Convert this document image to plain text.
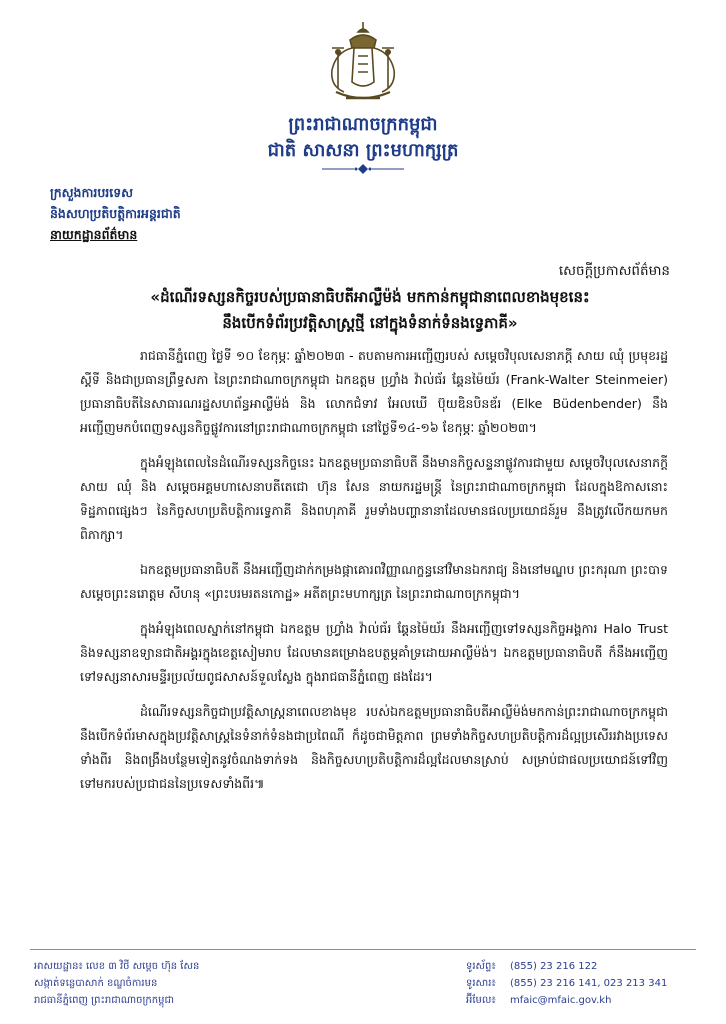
ព្រះរាជាណាចក្រកម្ពុជា
ជាតិ សាសនា ព្រះមហាក្សត្រ
ក្រសួងការបរទេស
និងសហប្រតិបត្តិការអន្តរជាតិ
នាយកដ្ឋានព័ត៌មាន
សេចក្តីប្រកាសព័ត៌មាន
«ដំណើរទស្សនកិច្ចរបស់ប្រធានាធិបតីអាល្លឺម៉ង់ មកកាន់កម្ពុជានាពេលខាងមុខនេះ
នឹងបើកទំព័រប្រវត្តិសាស្ត្រថ្មី នៅក្នុងទំនាក់ទំនងទ្វេភាគី»

រាជធានីភ្នំពេញ ថ្ងៃទី ១០ ខែកុម្ភៈ ឆ្នាំ២០២៣ - តបតាមការអញ្ជើញរបស់ សម្តេចវិបុលសេនាភក្តី សាយ ឈុំ ប្រមុខរដ្ឋស្តីទី និងជាប្រធានព្រឹទ្ធសភា នៃព្រះរាជាណាចក្រកម្ពុជា ឯកឧត្តម ហ្វ្រាំង វ៉ាល់ធ័រ ឆ្តែនម៉ៃយ័រ (Frank-Walter Steinmeier) ប្រធានាធិបតីនៃសាធារណរដ្ឋសហព័ន្ធអាល្លឺម៉ង់ និង លោកជំទាវ អែលឃើ ប៊ុយឌិនបិនឌ័រ (Elke Büdenbender) នឹងអញ្ជើញមកបំពេញទស្សនកិច្ចផ្លូវការនៅព្រះរាជាណាចក្រកម្ពុជា នៅថ្ងៃទី១៤-១៦ ខែកុម្ភៈ ឆ្នាំ២០២៣។

ក្នុងអំឡុងពេលនៃដំណើរទស្សនកិច្ចនេះ ឯកឧត្តមប្រធានាធិបតី នឹងមានកិច្ចសន្ទនាផ្លូវការជាមួយ សម្តេចវិបុលសេនាភក្តី សាយ ឈុំ និង សម្តេចអគ្គមហាសេនាបតីតេជោ ហ៊ុន សែន នាយករដ្ឋមន្ត្រី នៃព្រះរាជាណាចក្រកម្ពុជា ដែលក្នុងឱកាសនោះ ទិដ្ឋភាពផ្សេងៗ នៃកិច្ចសហប្រតិបត្តិការទ្វេភាគី និងពហុភាគី រួមទាំងបញ្ហានានាដែលមានផលប្រយោជន៍រួម នឹងត្រូវលើកយកមកពិភាក្សា។

ឯកឧត្តមប្រធានាធិបតី នឹងអញ្ជើញដាក់កម្រងផ្កាគោរពវិញ្ញាណក្ខន្ធនៅវិមានឯករាជ្យ និងនៅមណ្ឌប ព្រះករុណា ព្រះបាទសម្តេចព្រះនរោត្តម សីហនុ «ព្រះបរមរតនកោដ្ឋ» អតីតព្រះមហាក្សត្រ នៃព្រះរាជាណាចក្រកម្ពុជា។

ក្នុងអំឡុងពេលស្នាក់នៅកម្ពុជា ឯកឧត្តម ហ្វ្រាំង វ៉ាល់ធ័រ ឆ្តែនម៉ៃយ័រ នឹងអញ្ជើញទៅទស្សនកិច្ចអង្គការ Halo Trust និងទស្សនាឧទ្យានជាតិអង្គរក្នុងខេត្តសៀមរាប ដែលមានគម្រោងឧបត្ថម្ភគាំទ្រដោយអាល្លឺម៉ង់។ ឯកឧត្តមប្រធានាធិបតី ក៏នឹងអញ្ជើញទៅទស្សនាសារមន្ទីរប្រល័យពូជសាសន៍ទួលស្លែង ក្នុងរាជធានីភ្នំពេញ ផងដែរ។

ដំណើរទស្សនកិច្ចជាប្រវត្តិសាស្ត្រនាពេលខាងមុខ របស់ឯកឧត្តមប្រធានាធិបតីអាល្លឺម៉ង់មកកាន់ព្រះរាជាណាចក្រកម្ពុជា នឹងបើកទំព័រមាសក្នុងប្រវត្តិសាស្ត្រនៃទំនាក់ទំនងជាប្រពៃណី ក៏ដូចជាមិត្តភាព ព្រមទាំងកិច្ចសហប្រតិបត្តិការដ៏ល្អប្រសើររវាងប្រទេសទាំងពីរ និងពង្រឹងបន្ថែមទៀតនូវចំណងទាក់ទង និងកិច្ចសហប្រតិបត្តិការដ៏ល្អដែលមានស្រាប់ សម្រាប់ជាផលប្រយោជន៍ទៅវិញទៅមករបស់ប្រជាជននៃប្រទេសទាំងពីរ៕

អាសយដ្ឋាន៖ លេខ ៣ វិថី សម្តេច ហ៊ុន សែន
សង្កាត់ទន្លេបាសាក់ ខណ្ឌចំការមន
រាជធានីភ្នំពេញ ព្រះរាជាណាចក្រកម្ពុជា
ទូរស័ព្ទ៖ (855) 23 216 122
ទូរសារ៖ (855) 23 216 141, 023 213 341
អ៊ីមែល៖ mfaic@mfaic.gov.kh
